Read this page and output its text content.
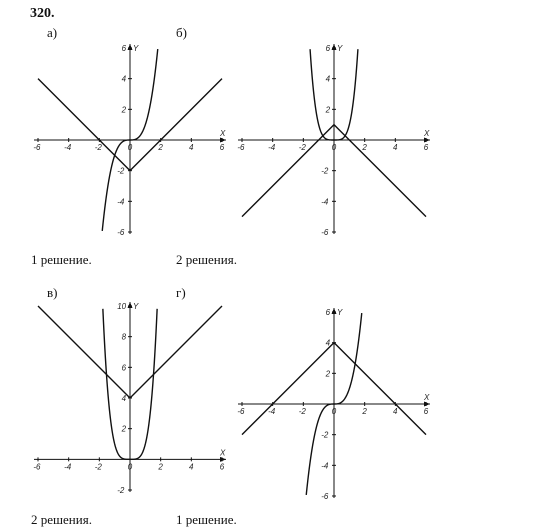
320.
а)	б)
в)	г)
X
Y
-6	-4	-2	0	2	4	6
6
4
2
-2
-4
-6
X
Y
-6	-4	-2	0	2	4	6
6
4
2
-2
-4
-6
X
Y
-6	-4	-2	0	2	4	6
10
8
6
4
2
-2
X
Y
-6	-4	-2	0	2	4	6
6
4
2
-2
-4
-6
1 решение.	2 решения.
2 решения.	1 решение.
